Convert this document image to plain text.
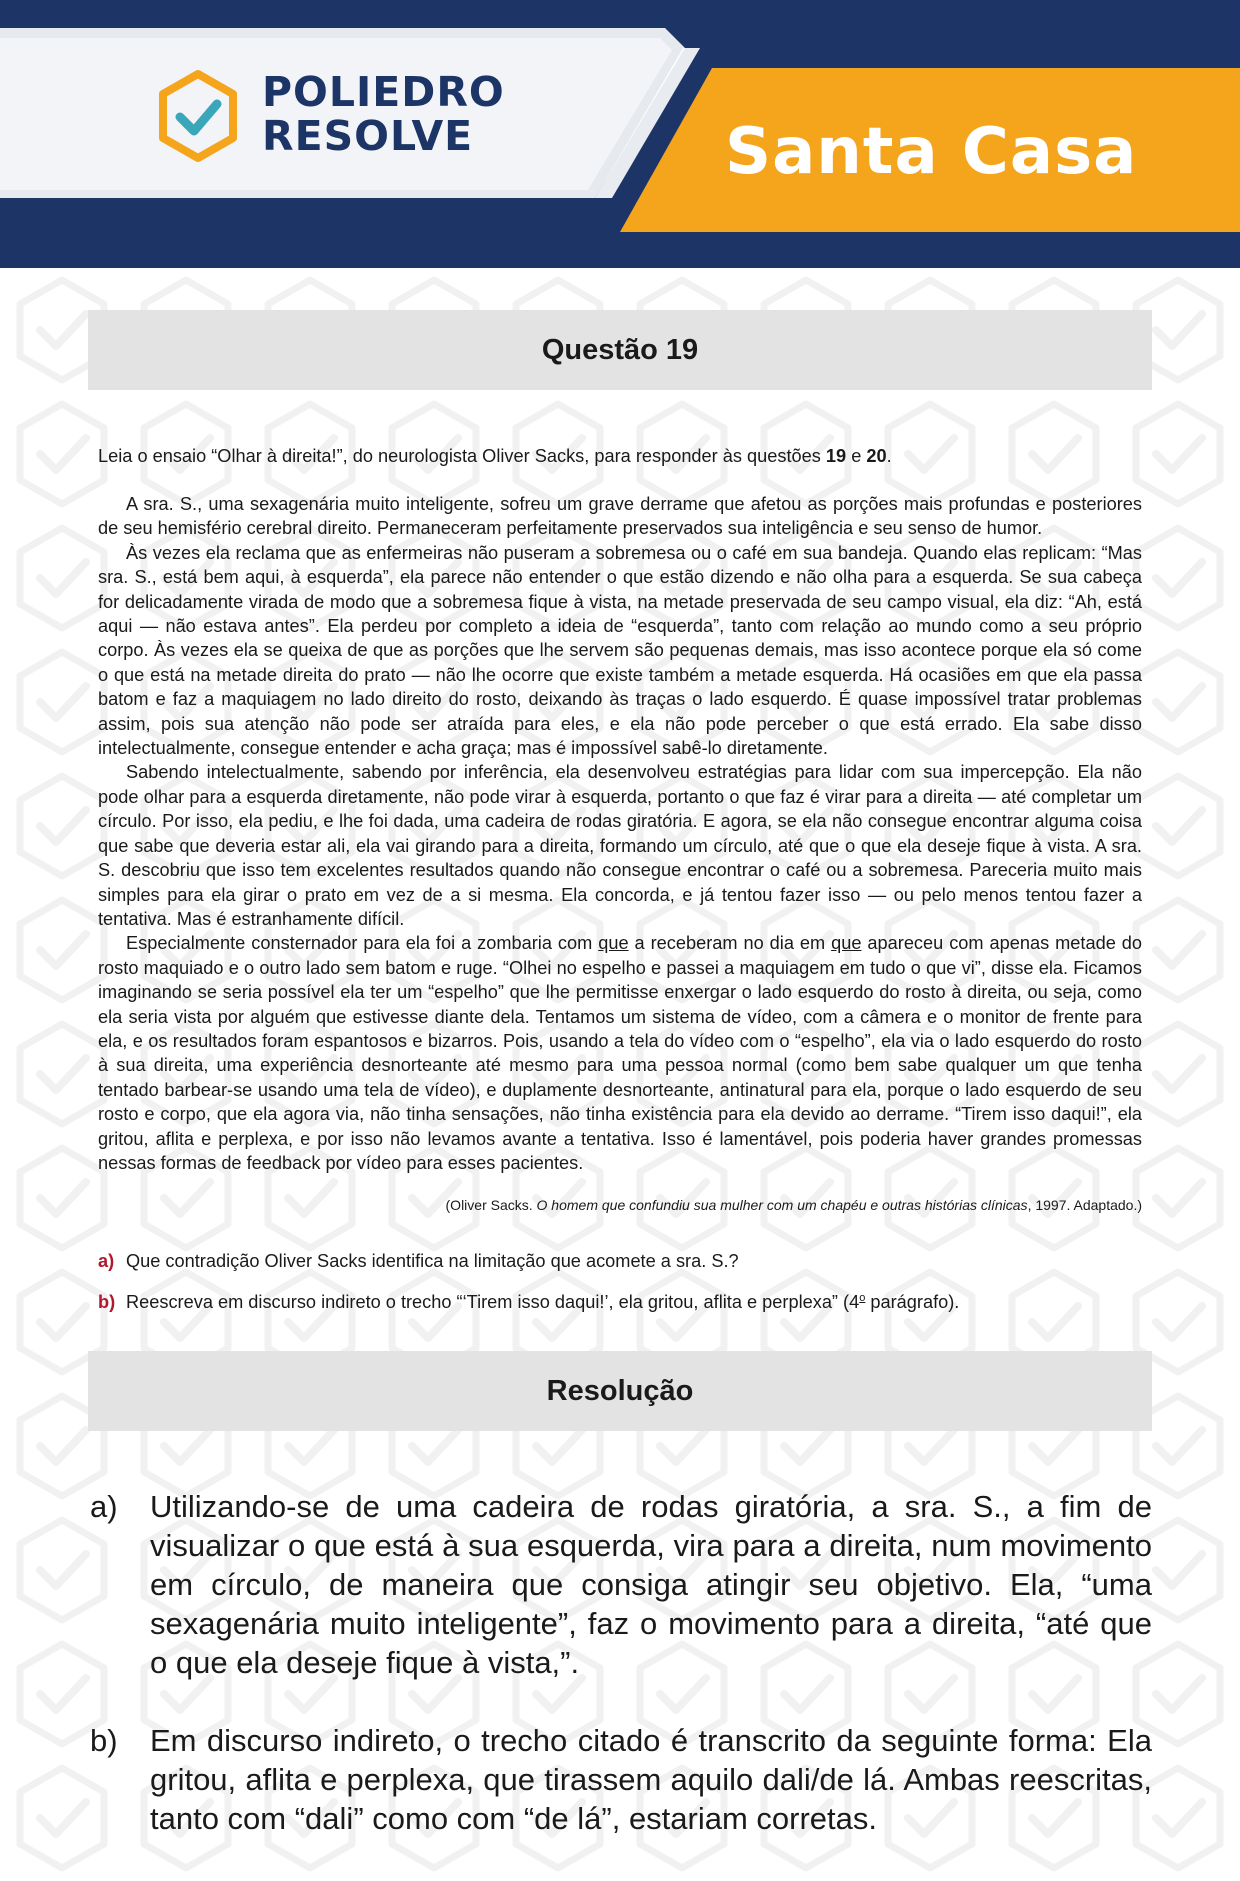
POLIEDRO
RESOLVE	Santa Casa
Questão 19
Leia o ensaio “Olhar à direita!”, do neurologista Oliver Sacks, para responder às questões 19 e 20.

A sra. S., uma sexagenária muito inteligente, sofreu um grave derrame que afetou as porções mais profundas e posteriores de seu hemisfério cerebral direito. Permaneceram perfeitamente preservados sua inteligência e seu senso de humor.

Às vezes ela reclama que as enfermeiras não puseram a sobremesa ou o café em sua bandeja. Quando elas replicam: “Mas sra. S., está bem aqui, à esquerda”, ela parece não entender o que estão dizendo e não olha para a esquerda. Se sua cabeça for delicadamente virada de modo que a sobremesa fique à vista, na metade preservada de seu campo visual, ela diz: “Ah, está aqui — não estava antes”. Ela perdeu por completo a ideia de “esquerda”, tanto com relação ao mundo como a seu próprio corpo. Às vezes ela se queixa de que as porções que lhe servem são pequenas demais, mas isso acontece porque ela só come o que está na metade direita do prato — não lhe ocorre que existe também a metade esquerda. Há ocasiões em que ela passa batom e faz a maquiagem no lado direito do rosto, deixando às traças o lado esquerdo. É quase impossível tratar problemas assim, pois sua atenção não pode ser atraída para eles, e ela não pode perceber o que está errado. Ela sabe disso intelectualmente, consegue entender e acha graça; mas é impossível sabê-lo diretamente.

Sabendo intelectualmente, sabendo por inferência, ela desenvolveu estratégias para lidar com sua impercepção. Ela não pode olhar para a esquerda diretamente, não pode virar à esquerda, portanto o que faz é virar para a direita — até completar um círculo. Por isso, ela pediu, e lhe foi dada, uma cadeira de rodas giratória. E agora, se ela não consegue encontrar alguma coisa que sabe que deveria estar ali, ela vai girando para a direita, formando um círculo, até que o que ela deseje fique à vista. A sra. S. descobriu que isso tem excelentes resultados quando não consegue encontrar o café ou a sobremesa. Pareceria muito mais simples para ela girar o prato em vez de a si mesma. Ela concorda, e já tentou fazer isso — ou pelo menos tentou fazer a tentativa. Mas é estranhamente difícil.

Especialmente consternador para ela foi a zombaria com que a receberam no dia em que apareceu com apenas metade do rosto maquiado e o outro lado sem batom e ruge. “Olhei no espelho e passei a maquiagem em tudo o que vi”, disse ela. Ficamos imaginando se seria possível ela ter um “espelho” que lhe permitisse enxergar o lado esquerdo do rosto à direita, ou seja, como ela seria vista por alguém que estivesse diante dela. Tentamos um sistema de vídeo, com a câmera e o monitor de frente para ela, e os resultados foram espantosos e bizarros. Pois, usando a tela do vídeo com o “espelho”, ela via o lado esquerdo do rosto à sua direita, uma experiência desnorteante até mesmo para uma pessoa normal (como bem sabe qualquer um que tenha tentado barbear-se usando uma tela de vídeo), e duplamente desnorteante, antinatural para ela, porque o lado esquerdo de seu rosto e corpo, que ela agora via, não tinha sensações, não tinha existência para ela devido ao derrame. “Tirem isso daqui!”, ela gritou, aflita e perplexa, e por isso não levamos avante a tentativa. Isso é lamentável, pois poderia haver grandes promessas nessas formas de feedback por vídeo para esses pacientes.

(Oliver Sacks. O homem que confundiu sua mulher com um chapéu e outras histórias clínicas, 1997. Adaptado.)
a) Que contradição Oliver Sacks identifica na limitação que acomete a sra. S.?
b) Reescreva em discurso indireto o trecho “‘Tirem isso daqui!’, ela gritou, aflita e perplexa” (4$^o$ parágrafo).
Resolução
a)	Utilizando-se de uma cadeira de rodas giratória, a sra. S., a fim de visualizar o que está à sua esquerda, vira para a direita, num movimento em círculo, de maneira que consiga atingir seu objetivo. Ela, “uma sexagenária muito inteligente”, faz o movimento para a direita, “até que o que ela deseje fique à vista,”.
b)	Em discurso indireto, o trecho citado é transcrito da seguinte forma: Ela gritou, aflita e perplexa, que tirassem aquilo dali/de lá. Ambas reescritas, tanto com “dali” como com “de lá”, estariam corretas.
